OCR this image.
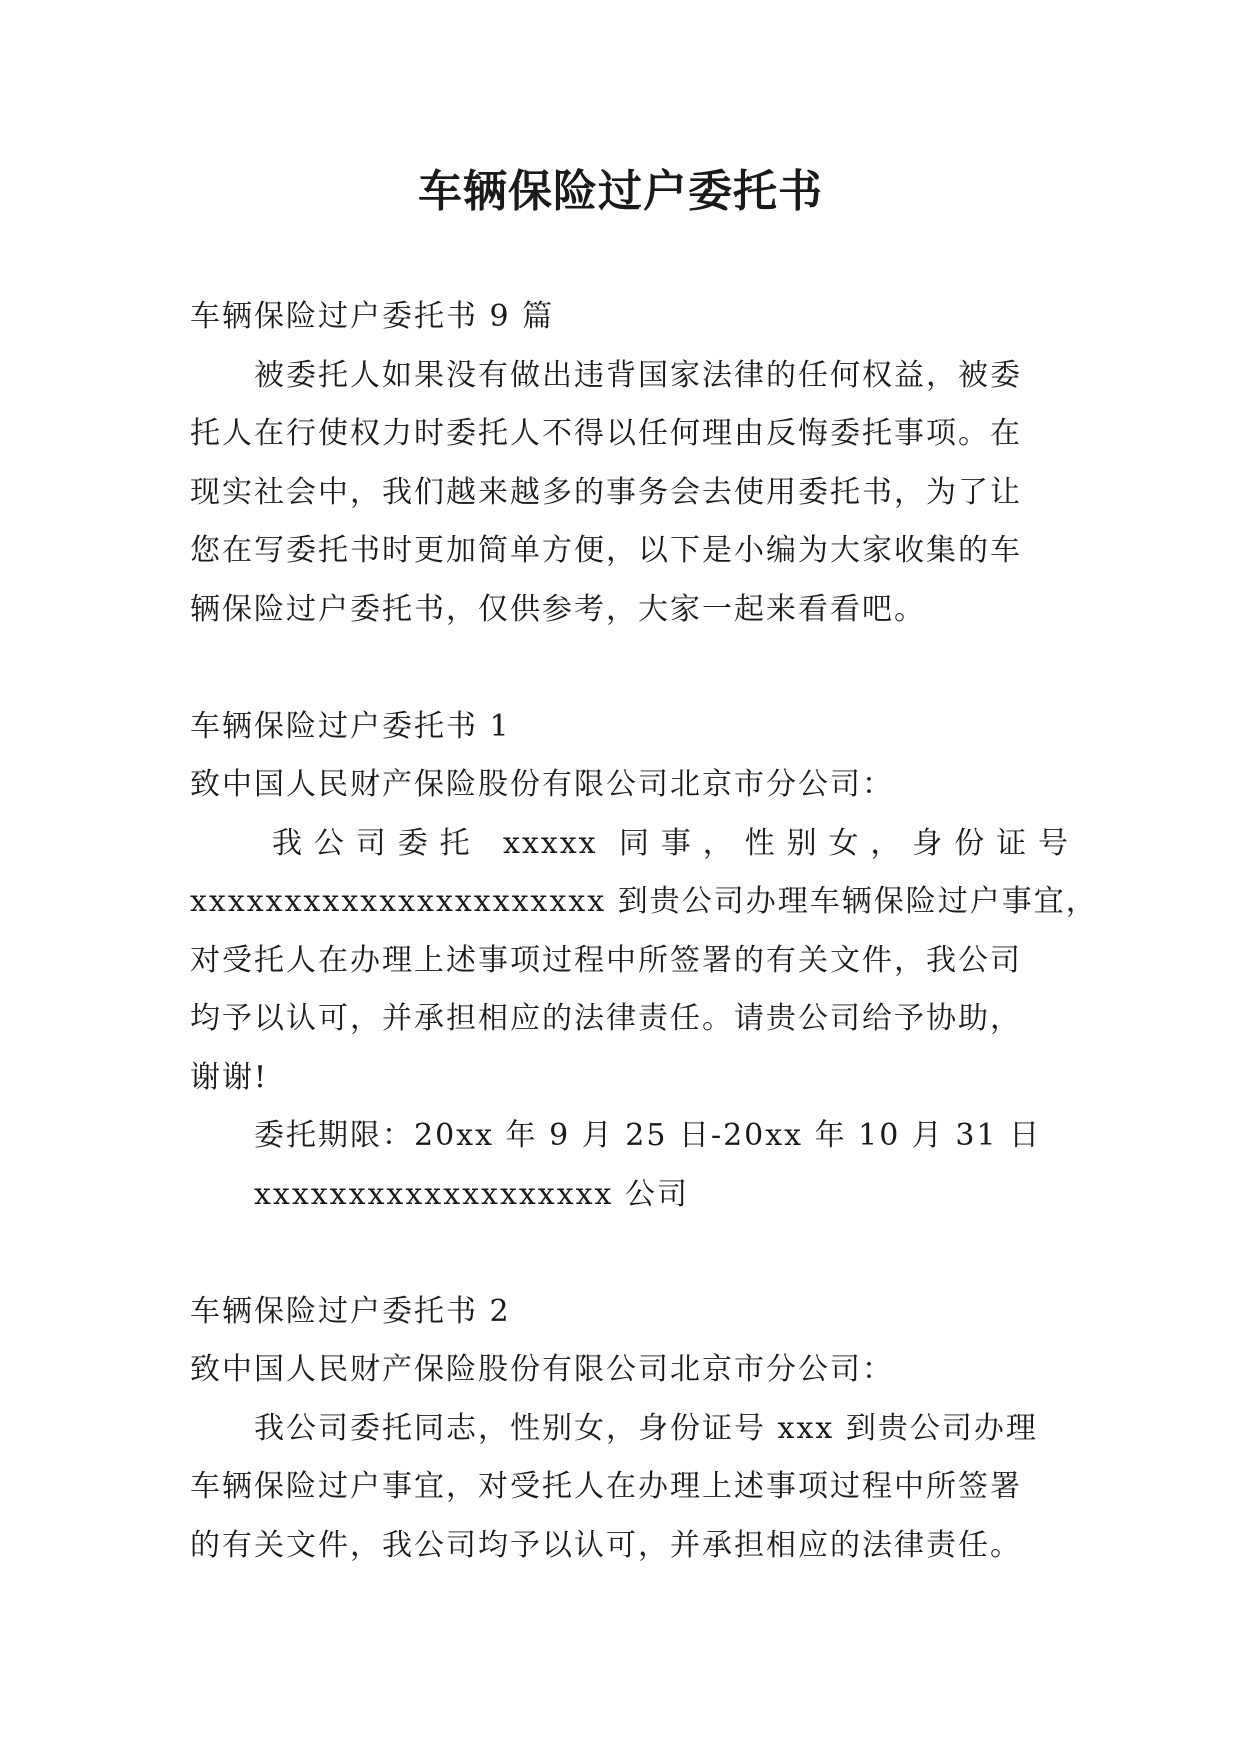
车辆保险过户委托书
车辆保险过户委托书 9 篇
被委托人如果没有做出违背国家法律的任何权益，被委
托人在行使权力时委托人不得以任何理由反悔委托事项。在
现实社会中，我们越来越多的事务会去使用委托书，为了让
您在写委托书时更加简单方便，以下是小编为大家收集的车
辆保险过户委托书，仅供参考，大家一起来看看吧。
车辆保险过户委托书 1
致中国人民财产保险股份有限公司北京市分公司：
我公司委托 xxxxx 同事，性别女，身份证号
xxxxxxxxxxxxxxxxxxxxxx 到贵公司办理车辆保险过户事宜，
对受托人在办理上述事项过程中所签署的有关文件，我公司
均予以认可，并承担相应的法律责任。请贵公司给予协助，
谢谢!
委托期限：20xx 年 9 月 25 日-20xx 年 10 月 31 日
xxxxxxxxxxxxxxxxxxx 公司
车辆保险过户委托书 2
致中国人民财产保险股份有限公司北京市分公司：
我公司委托同志，性别女，身份证号 xxx 到贵公司办理
车辆保险过户事宜，对受托人在办理上述事项过程中所签署
的有关文件，我公司均予以认可，并承担相应的法律责任。
